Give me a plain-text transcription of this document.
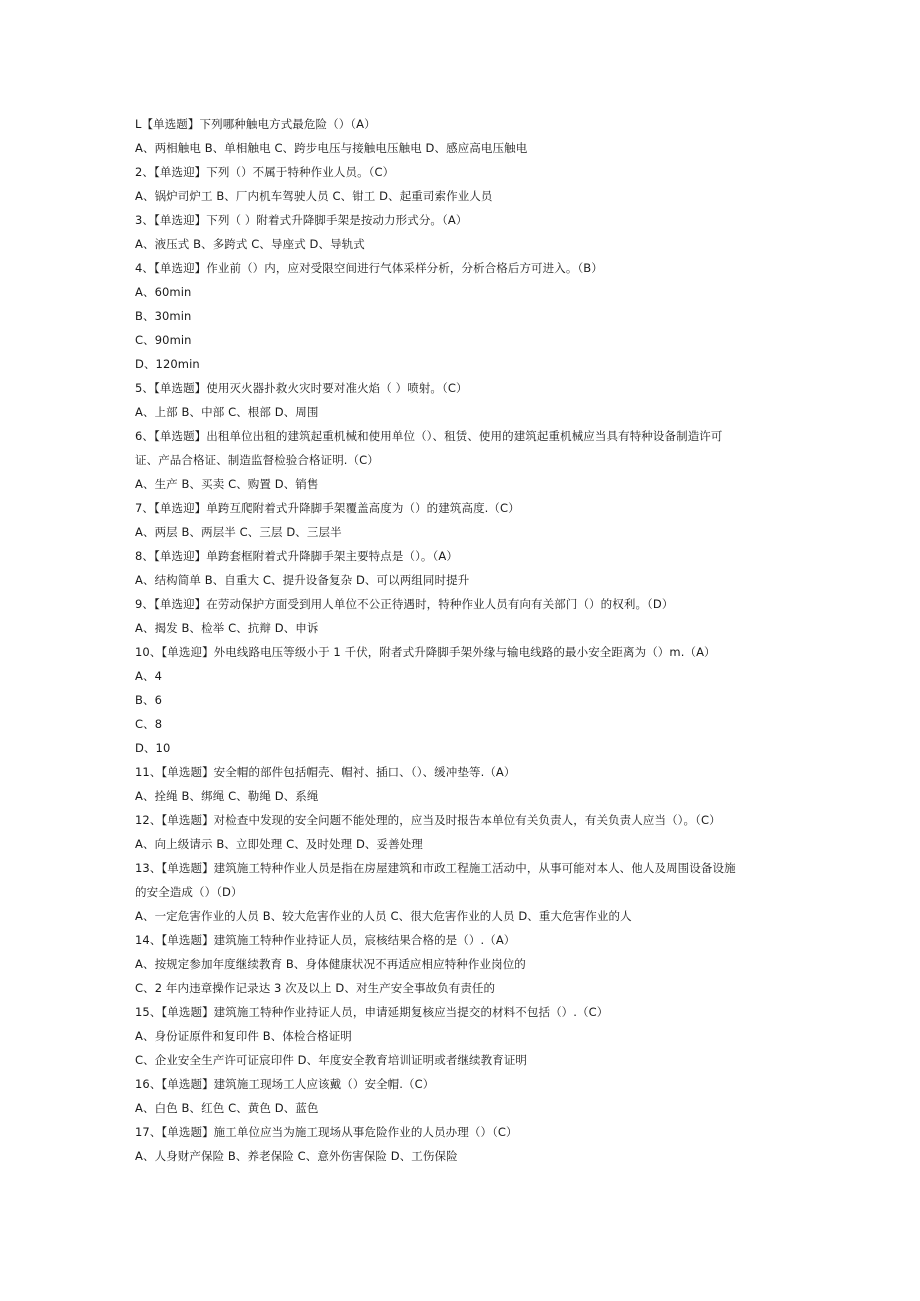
L【单选题】下列哪种触电方式最危险（）（A）
A、两相触电 B、单相触电 C、跨步电压与接触电压触电 D、感应高电压触电
2、【单选迎】下列（）不属于特种作业人员。（C）
A、锅炉司炉工 B、厂内机车驾驶人员 C、钳工 D、起重司索作业人员
3、【单选迎】下列（ ）附着式升降脚手架是按动力形式分。（A）
A、液压式 B、多跨式 C、导座式 D、导轨式
4、【单选迎】作业前（）内，应对受限空间进行气体采样分析，分析合格后方可进入。（B）
A、60min
B、30min
C、90min
D、120min
5、【单选题】使用灭火器扑救火灾时要对准火焰（ ）喷射。（C）
A、上部 B、中部 C、根部 D、周围
6、【单选题】出租单位出租的建筑起重机械和使用单位（）、租赁、使用的建筑起重机械应当具有特种设备制造许可
证、产品合格证、制造监督检验合格证明.（C）
A、生产 B、买卖 C、购置 D、销售
7、【单选迎】单跨互爬附着式升降脚手架覆盖高度为（）的建筑高度.（C）
A、两层 B、两层半 C、三层 D、三层半
8、【单选迎】单跨套框附着式升降脚手架主要特点是（）。（A）
A、结构简单 B、自重大 C、提升设备复杂 D、可以两组同时提升
9、【单选迎】在劳动保护方面受到用人单位不公正待遇时，特种作业人员有向有关部门（）的权利。（D）
A、揭发 B、检举 C、抗辩 D、申诉
10、【单选迎】外电线路电压等级小于 1 千伏，附者式升降脚手架外缘与输电线路的最小安全距离为（）m.（A）
A、4
B、6
C、8
D、10
11、【单选题】安全帽的部件包括帽壳、帽衬、插口、（）、缓冲垫等.（A）
A、拴绳 B、绑绳 C、勒绳 D、系绳
12、【单选题】对检查中发现的安全问题不能处理的，应当及时报告本单位有关负责人，有关负责人应当（）。（C）
A、向上级请示 B、立即处理 C、及时处理 D、妥善处理
13、【单选题】建筑施工特种作业人员是指在房屋建筑和市政工程施工活动中，从事可能对本人、他人及周围设备设施
的安全造成（）（D）
A、一定危害作业的人员 B、较大危害作业的人员 C、很大危害作业的人员 D、重大危害作业的人
14、【单选题】建筑施工特种作业持证人员，宸核结果合格的是（）.（A）
A、按规定参加年度继续教育 B、身体健康状况不再适应相应特种作业岗位的
C、2 年内违章操作记录达 3 次及以上 D、对生产安全事故负有责任的
15、【单选题】建筑施工特种作业持证人员，申请延期复核应当提交的材料不包括（）.（C）
A、身份证原件和复印件 B、体检合格证明
C、企业安全生产许可证宸印件 D、年度安全教育培训证明或者继续教育证明
16、【单选题】建筑施工现场工人应该戴（）安全帽.（C）
A、白色 B、红色 C、黄色 D、蓝色
17、【单选题】施工单位应当为施工现场从事危险作业的人员办理（）（C）
A、人身财产保险 B、养老保险 C、意外伤害保险 D、工伤保险
